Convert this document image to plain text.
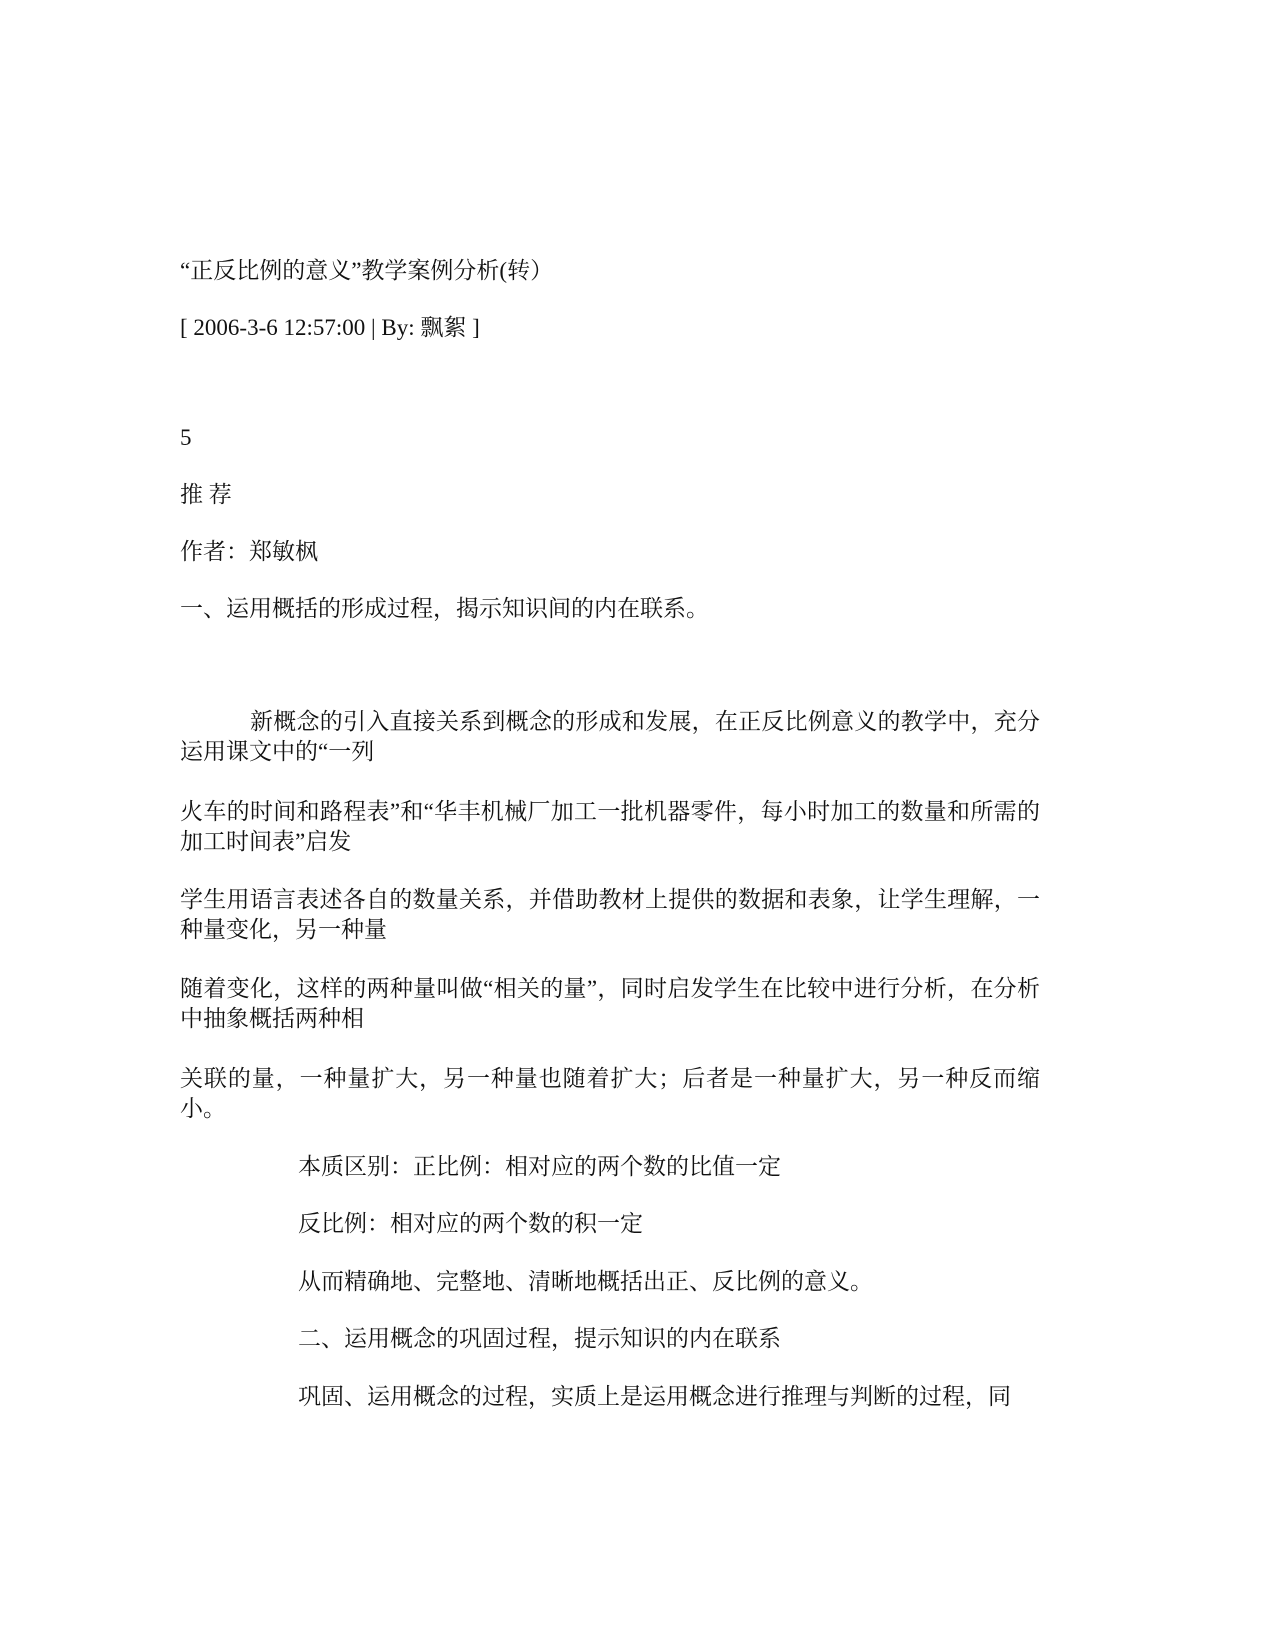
“正反比例的意义”教学案例分析(转）
[ 2006-3-6 12:57:00 | By: 飘絮 ]
5
推 荐
作者：郑敏枫
一、运用概括的形成过程，揭示知识间的内在联系。
新概念的引入直接关系到概念的形成和发展，在正反比例意义的教学中，充分运用课文中的“一列
火车的时间和路程表”和“华丰机械厂加工一批机器零件，每小时加工的数量和所需的加工时间表”启发
学生用语言表述各自的数量关系，并借助教材上提供的数据和表象，让学生理解，一种量变化，另一种量
随着变化，这样的两种量叫做“相关的量”，同时启发学生在比较中进行分析，在分析中抽象概括两种相
关联的量，一种量扩大，另一种量也随着扩大；后者是一种量扩大，另一种反而缩小。
本质区别：正比例：相对应的两个数的比值一定
反比例：相对应的两个数的积一定
从而精确地、完整地、清晰地概括出正、反比例的意义。
二、运用概念的巩固过程，提示知识的内在联系
巩固、运用概念的过程，实质上是运用概念进行推理与判断的过程，同
